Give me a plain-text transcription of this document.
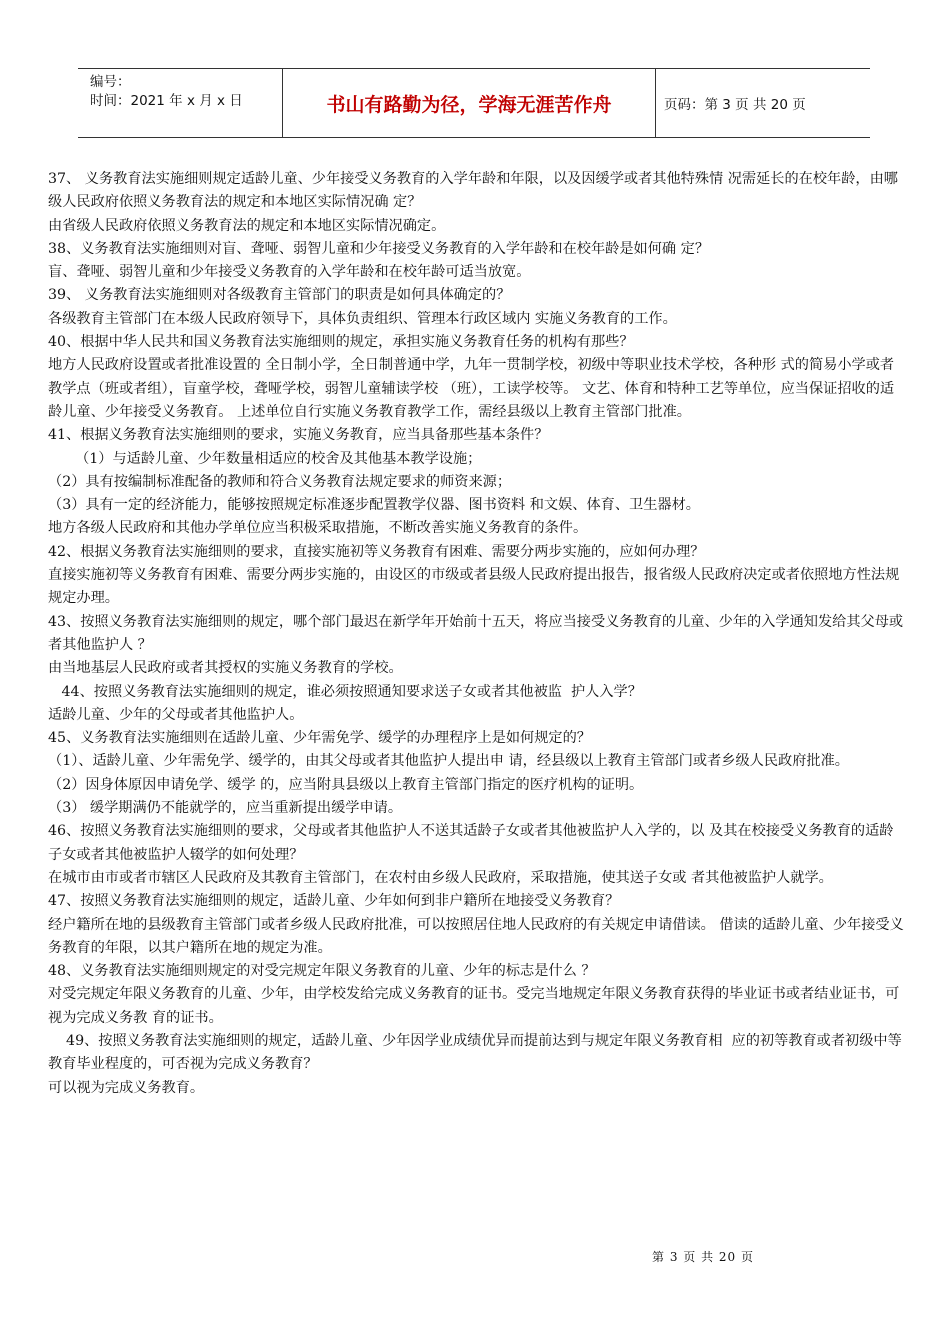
编号：
时间：2021 年 x 月 x 日	书山有路勤为径，学海无涯苦作舟	页码：第 3 页 共 20 页

37、 义务教育法实施细则规定适龄儿童、少年接受义务教育的入学年龄和年限，以及因缓学或者其他特殊情 况需延长的在校年龄，由哪级人民政府依照义务教育法的规定和本地区实际情况确 定？

由省级人民政府依照义务教育法的规定和本地区实际情况确定。

38、义务教育法实施细则对盲、聋哑、弱智儿童和少年接受义务教育的入学年龄和在校年龄是如何确 定？

盲、聋哑、弱智儿童和少年接受义务教育的入学年龄和在校年龄可适当放宽。

39、 义务教育法实施细则对各级教育主管部门的职责是如何具体确定的？

各级教育主管部门在本级人民政府领导下，具体负责组织、管理本行政区域内 实施义务教育的工作。

40、根据中华人民共和国义务教育法实施细则的规定，承担实施义务教育任务的机构有那些？

地方人民政府设置或者批准设置的 全日制小学，全日制普通中学，九年一贯制学校，初级中等职业技术学校，各种形 式的简易小学或者教学点（班或者组），盲童学校，聋哑学校，弱智儿童辅读学校 （班），工读学校等。 文艺、体育和特种工艺等单位，应当保证招收的适龄儿童、少年接受义务教育。 上述单位自行实施义务教育教学工作，需经县级以上教育主管部门批准。

41、根据义务教育法实施细则的要求，实施义务教育，应当具备那些基本条件？

（1）与适龄儿童、少年数量相适应的校舍及其他基本教学设施；

（2）具有按编制标准配备的教师和符合义务教育法规定要求的师资来源；

（3）具有一定的经济能力，能够按照规定标准逐步配置教学仪器、图书资料 和文娱、体育、卫生器材。

地方各级人民政府和其他办学单位应当积极采取措施，不断改善实施义务教育的条件。

42、根据义务教育法实施细则的要求，直接实施初等义务教育有困难、需要分两步实施的，应如何办理？

直接实施初等义务教育有困难、需要分两步实施的，由设区的市级或者县级人民政府提出报告，报省级人民政府决定或者依照地方性法规规定办理。

43、按照义务教育法实施细则的规定，哪个部门最迟在新学年开始前十五天，将应当接受义务教育的儿童、少年的入学通知发给其父母或者其他监护人 ？

由当地基层人民政府或者其授权的实施义务教育的学校。

44、按照义务教育法实施细则的规定，谁必须按照通知要求送子女或者其他被监  护人入学？

适龄儿童、少年的父母或者其他监护人。

45、义务教育法实施细则在适龄儿童、少年需免学、缓学的办理程序上是如何规定的？

（1）、适龄儿童、少年需免学、缓学的，由其父母或者其他监护人提出申 请，经县级以上教育主管部门或者乡级人民政府批准。

（2）因身体原因申请免学、缓学 的，应当附具县级以上教育主管部门指定的医疗机构的证明。

（3） 缓学期满仍不能就学的，应当重新提出缓学申请。

46、按照义务教育法实施细则的要求，父母或者其他监护人不送其适龄子女或者其他被监护人入学的，以 及其在校接受义务教育的适龄子女或者其他被监护人辍学的如何处理？

在城市由市或者市辖区人民政府及其教育主管部门，在农村由乡级人民政府，采取措施，使其送子女或 者其他被监护人就学。

47、按照义务教育法实施细则的规定，适龄儿童、少年如何到非户籍所在地接受义务教育？

经户籍所在地的县级教育主管部门或者乡级人民政府批准，可以按照居住地人民政府的有关规定申请借读。 借读的适龄儿童、少年接受义务教育的年限，以其户籍所在地的规定为准。

48、义务教育法实施细则规定的对受完规定年限义务教育的儿童、少年的标志是什么 ？

对受完规定年限义务教育的儿童、少年，由学校发给完成义务教育的证书。受完当地规定年限义务教育获得的毕业证书或者结业证书，可视为完成义务教 育的证书。

49、按照义务教育法实施细则的规定，适龄儿童、少年因学业成绩优异而提前达到与规定年限义务教育相  应的初等教育或者初级中等教育毕业程度的，可否视为完成义务教育？

可以视为完成义务教育。

第 3 页 共 20 页
